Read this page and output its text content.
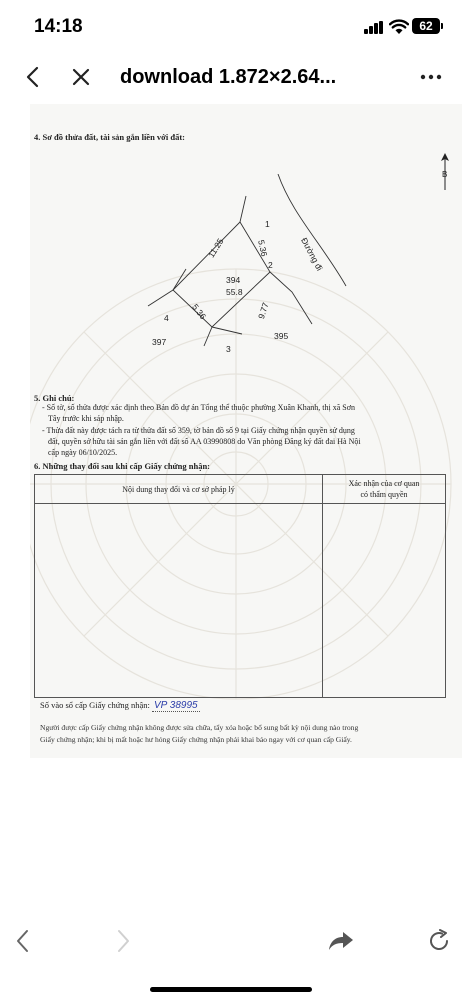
14:18	62
download 1.872×2.64...
4. Sơ đồ thửa đất, tài sản gắn liền với đất:
B
1
2
3
4
11.25	5.36
9.77
5.36
394
55.8
397
395
Đường đi
5. Ghi chú:
- Số tờ, số thửa được xác định theo Bản đồ dự án Tổng thể thuộc phường Xuân Khanh, thị xã Sơn
Tây trước khi sáp nhập.
- Thửa đất này được tách ra từ thửa đất số 359, tờ bản đồ số 9 tại Giấy chứng nhận quyền sử dụng
đất, quyền sở hữu tài sản gắn liền với đất số AA 03990808 do Văn phòng Đăng ký đất đai Hà Nội
cấp ngày 06/10/2025.
6. Những thay đổi sau khi cấp Giấy chứng nhận:
Nội dung thay đổi và cơ sở pháp lý
Xác nhận của cơ quan
có thẩm quyền
Số vào sổ cấp Giấy chứng nhận: VP 38995
Người được cấp Giấy chứng nhận không được sửa chữa, tẩy xóa hoặc bổ sung bất kỳ nội dung nào trong
Giấy chứng nhận; khi bị mất hoặc hư hỏng Giấy chứng nhận phải khai báo ngay với cơ quan cấp Giấy.
